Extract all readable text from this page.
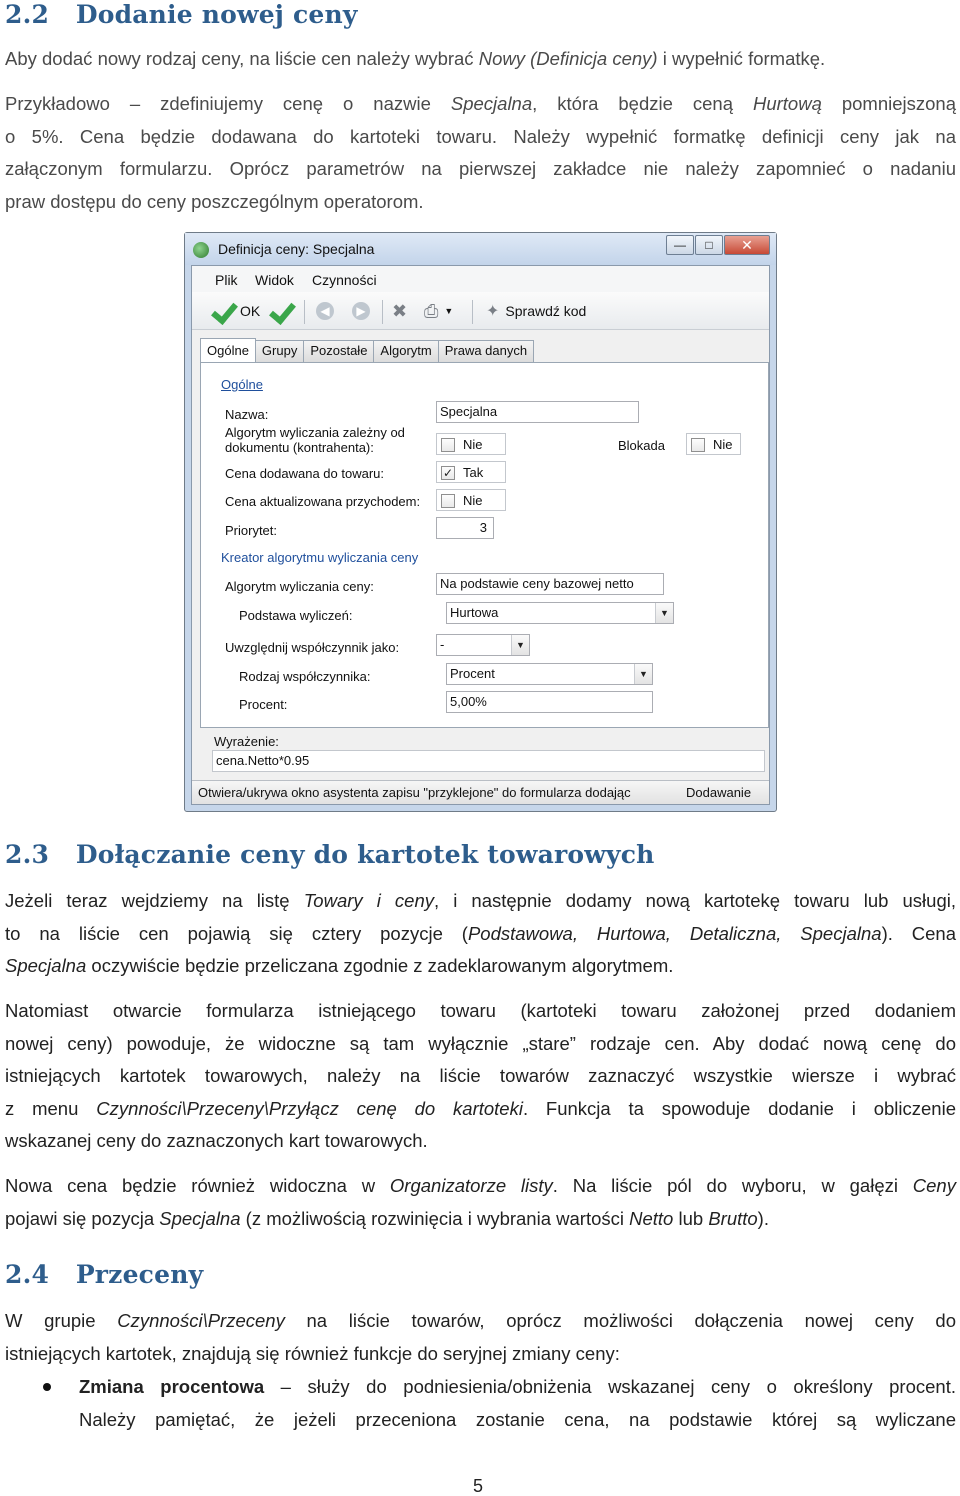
2.2 Dodanie nowej ceny
Aby dodać nowy rodzaj ceny, na liście cen należy wybrać Nowy (Definicja ceny) i wypełnić formatkę.
Przykładowo – zdefiniujemy cenę o nazwie Specjalna, która będzie ceną Hurtową pomniejszoną
o 5%. Cena będzie dodawana do kartoteki towaru. Należy wypełnić formatkę definicji ceny jak na
załączonym formularzu. Oprócz parametrów na pierwszej zakładce nie należy zapomnieć o nadaniu
praw dostępu do ceny poszczególnym operatorom.
Definicja ceny: Specjalna	—	□	✕
Plik Widok Czynności
OK	◀	▶ ✖ ⎙ ▼ ✦ Sprawdź kod
Ogólne	Grupy	Pozostałe	Algorytm	Prawa danych
Ogólne
Nazwa:	Specjalna
Algorytm wyliczania zależny od
dokumentu (kontrahenta):	Nie	Blokada	Nie
Cena dodawana do towaru:	✓ Tak
Cena aktualizowana przychodem:	Nie
Priorytet:	3
Kreator algorytmu wyliczania ceny
Algorytm wyliczania ceny:	Na podstawie ceny bazowej netto
Podstawa wyliczeń:	Hurtowa	▼
Uwzględnij współczynnik jako:	-	▼
Rodzaj współczynnika:	Procent	▼
Procent:	5,00%
Wyrażenie:
cena.Netto*0.95
Otwiera/ukrywa okno asystenta zapisu "przyklejone" do formularza dodając	Dodawanie
2.3 Dołączanie ceny do kartotek towarowych
Jeżeli teraz wejdziemy na listę Towary i ceny, i następnie dodamy nową kartotekę towaru lub usługi,
to na liście cen pojawią się cztery pozycje (Podstawowa, Hurtowa, Detaliczna, Specjalna). Cena
Specjalna oczywiście będzie przeliczana zgodnie z zadeklarowanym algorytmem.
Natomiast otwarcie formularza istniejącego towaru (kartoteki towaru założonej przed dodaniem
nowej ceny) powoduje, że widoczne są tam wyłącznie „stare” rodzaje cen. Aby dodać nową cenę do
istniejących kartotek towarowych, należy na liście towarów zaznaczyć wszystkie wiersze i wybrać
z menu Czynności\Przeceny\Przyłącz cenę do kartoteki. Funkcja ta spowoduje dodanie i obliczenie
wskazanej ceny do zaznaczonych kart towarowych.
Nowa cena będzie również widoczna w Organizatorze listy. Na liście pól do wyboru, w gałęzi Ceny
pojawi się pozycja Specjalna (z możliwością rozwinięcia i wybrania wartości Netto lub Brutto).
2.4 Przeceny
W grupie Czynności\Przeceny na liście towarów, oprócz możliwości dołączenia nowej ceny do
istniejących kartotek, znajdują się również funkcje do seryjnej zmiany ceny:
Zmiana procentowa – służy do podniesienia/obniżenia wskazanej ceny o określony procent.
Należy pamiętać, że jeżeli przeceniona zostanie cena, na podstawie której są wyliczane
5
